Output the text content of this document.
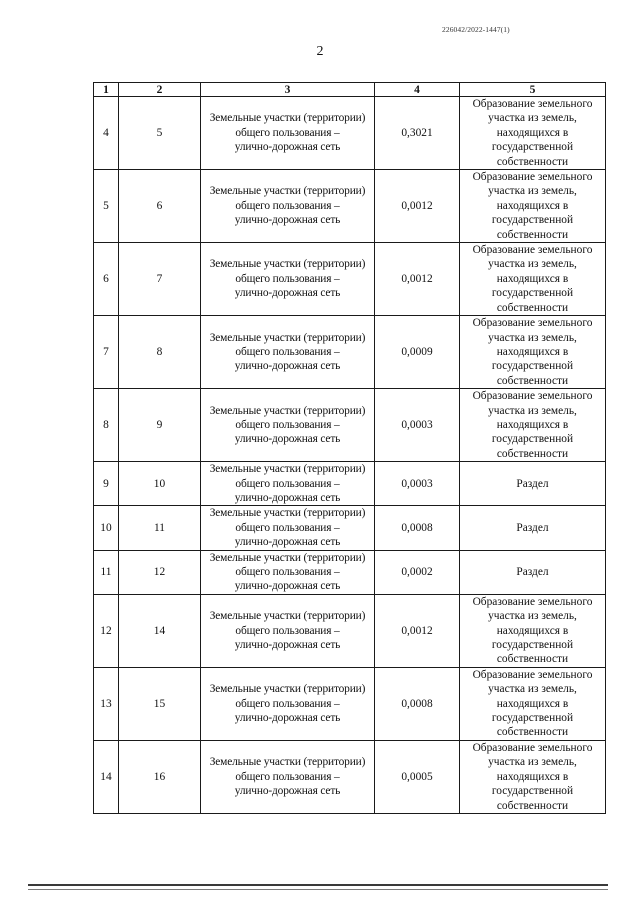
226042/2022-1447(1)
2
1	2	3	4	5
4	5	Земельные участки (территории)
общего пользования –
улично-дорожная сеть	0,3021	Образование земельного участка из земель, находящихся в государственной собственности
5	6	Земельные участки (территории)
общего пользования –
улично-дорожная сеть	0,0012	Образование земельного участка из земель, находящихся в государственной собственности
6	7	Земельные участки (территории)
общего пользования –
улично-дорожная сеть	0,0012	Образование земельного участка из земель, находящихся в государственной собственности
7	8	Земельные участки (территории)
общего пользования –
улично-дорожная сеть	0,0009	Образование земельного участка из земель, находящихся в государственной собственности
8	9	Земельные участки (территории)
общего пользования –
улично-дорожная сеть	0,0003	Образование земельного участка из земель, находящихся в государственной собственности
9	10	Земельные участки (территории)
общего пользования –
улично-дорожная сеть	0,0003	Раздел
10	11	Земельные участки (территории)
общего пользования –
улично-дорожная сеть	0,0008	Раздел
11	12	Земельные участки (территории)
общего пользования –
улично-дорожная сеть	0,0002	Раздел
12	14	Земельные участки (территории)
общего пользования –
улично-дорожная сеть	0,0012	Образование земельного участка из земель, находящихся в государственной собственности
13	15	Земельные участки (территории)
общего пользования –
улично-дорожная сеть	0,0008	Образование земельного участка из земель, находящихся в государственной собственности
14	16	Земельные участки (территории)
общего пользования –
улично-дорожная сеть	0,0005	Образование земельного участка из земель, находящихся в государственной собственности
